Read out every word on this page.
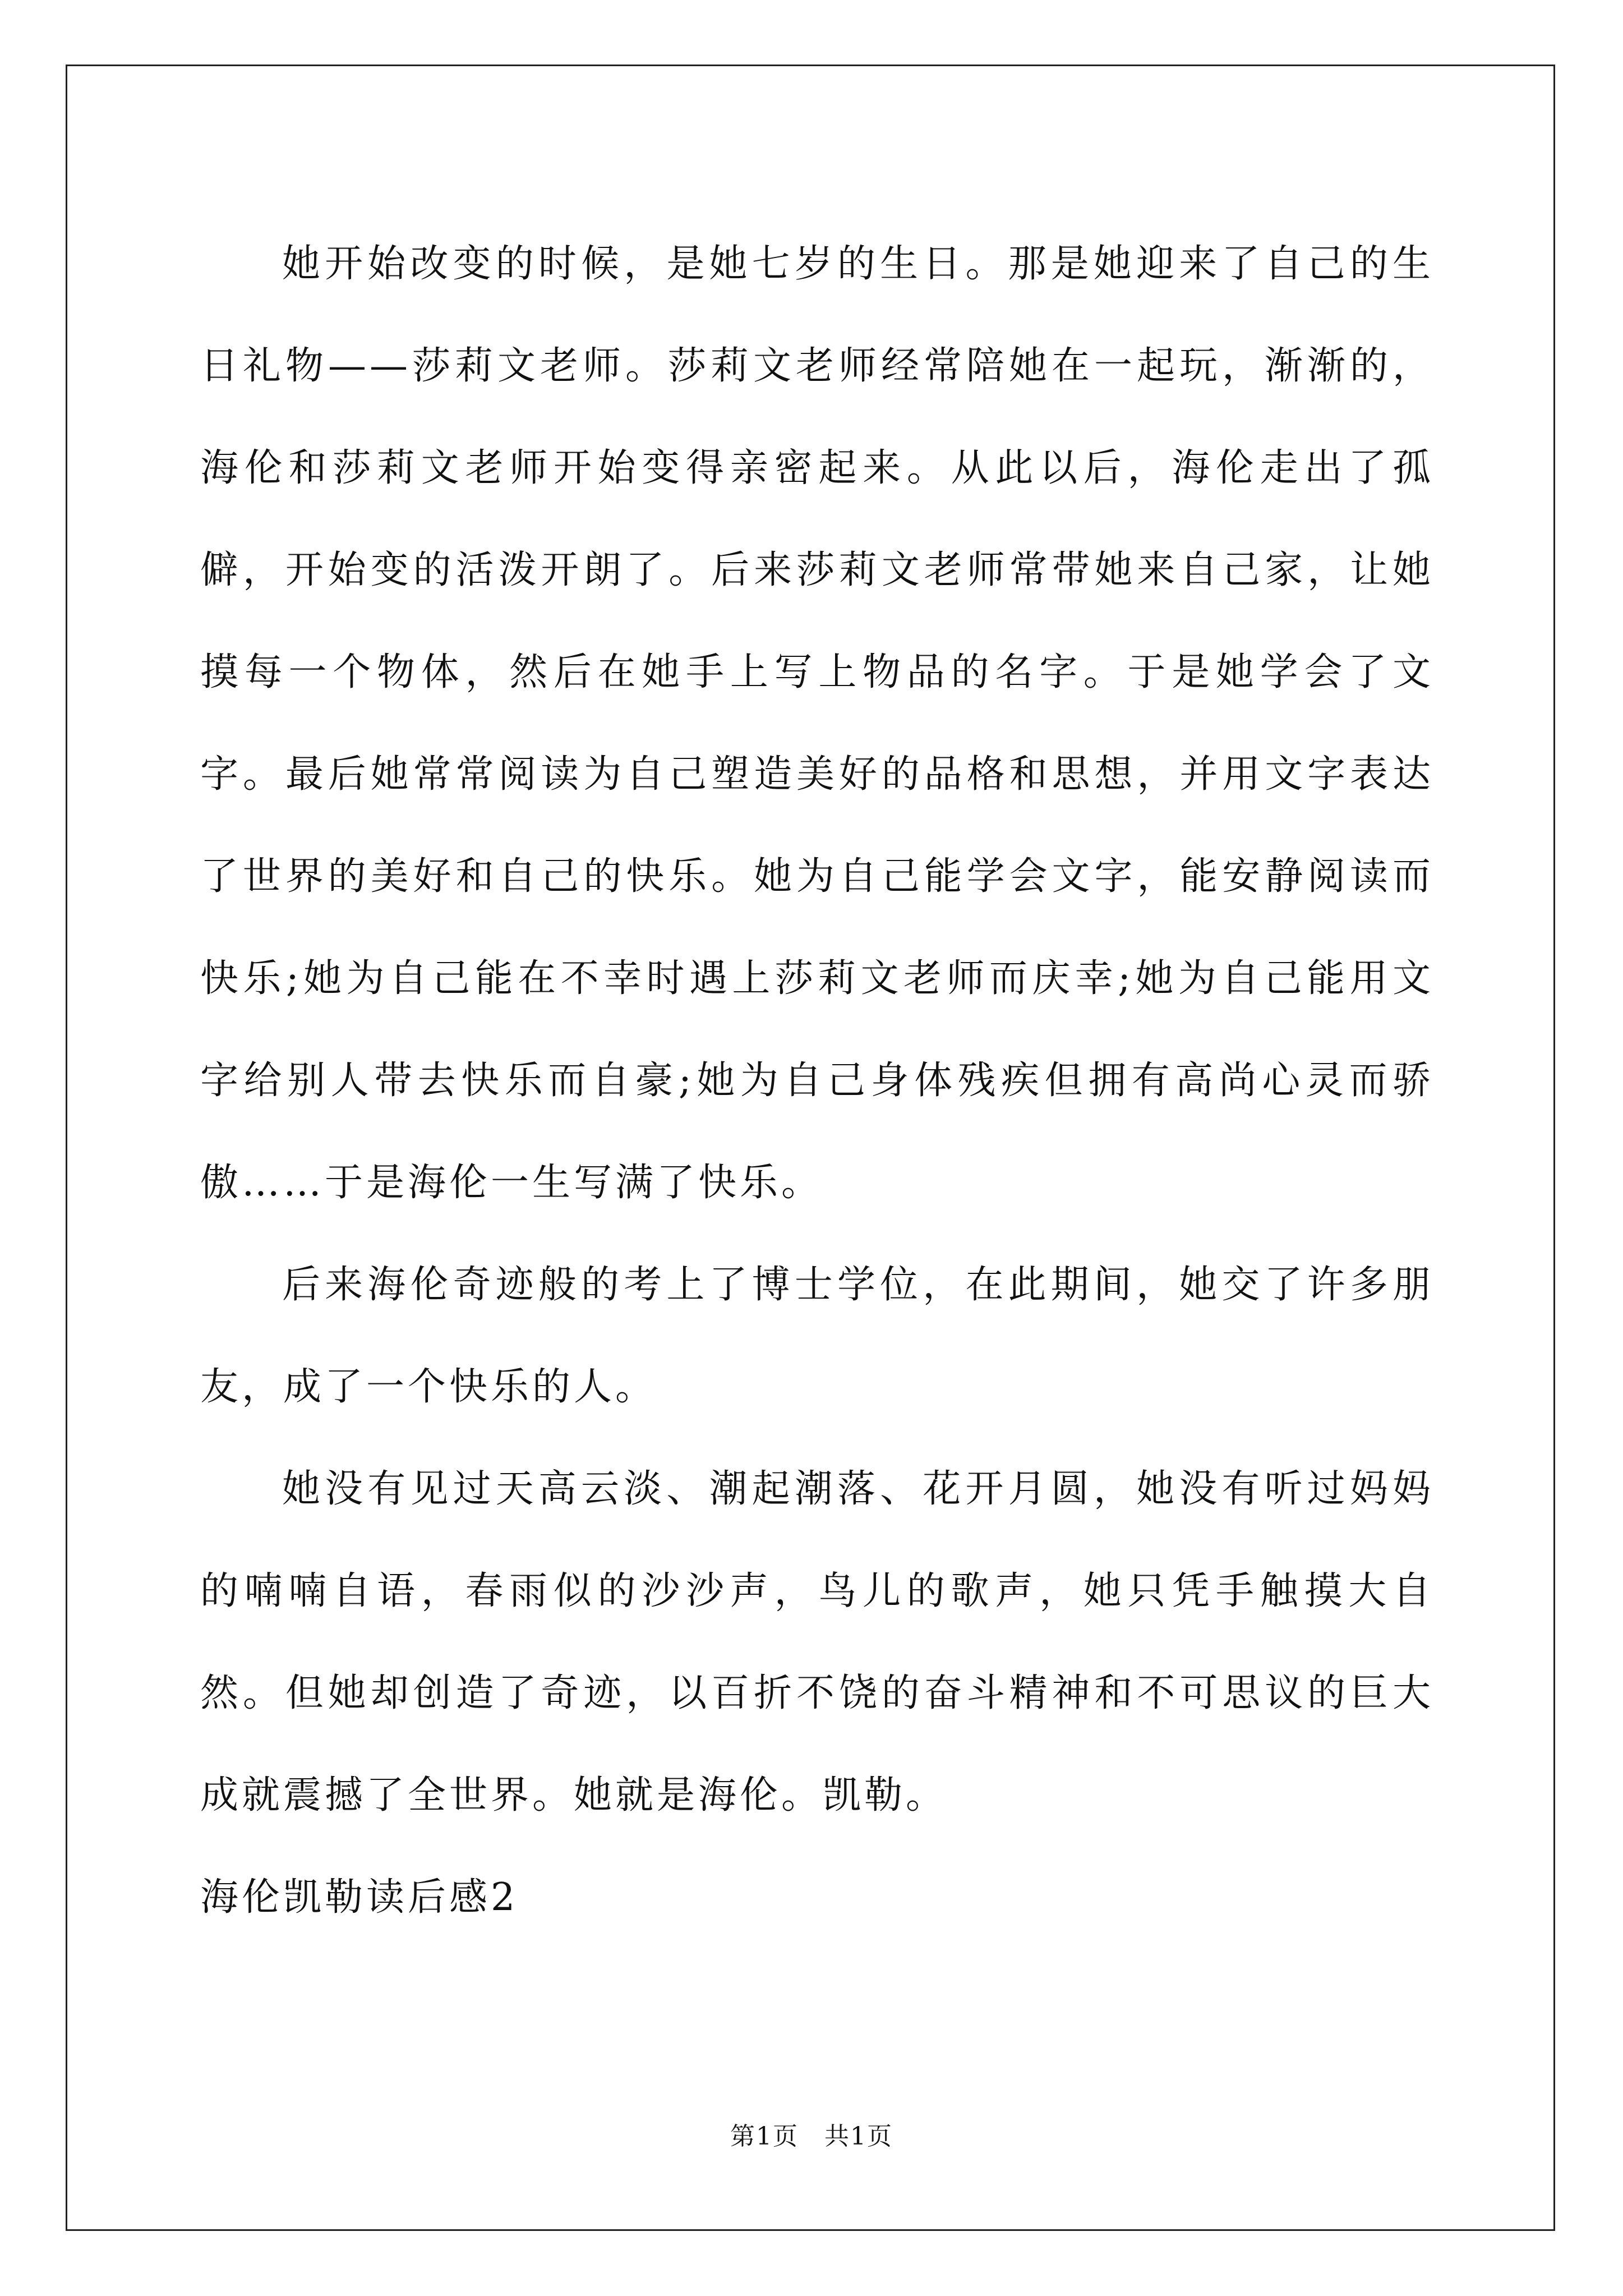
她开始改变的时候，是她七岁的生日。那是她迎来了自己的生日礼物——莎莉文老师。莎莉文老师经常陪她在一起玩，渐渐的，海伦和莎莉文老师开始变得亲密起来。从此以后，海伦走出了孤僻，开始变的活泼开朗了。后来莎莉文老师常带她来自己家，让她摸每一个物体，然后在她手上写上物品的名字。于是她学会了文字。最后她常常阅读为自己塑造美好的品格和思想，并用文字表达了世界的美好和自己的快乐。她为自己能学会文字，能安静阅读而快乐;她为自己能在不幸时遇上莎莉文老师而庆幸;她为自己能用文字给别人带去快乐而自豪;她为自己身体残疾但拥有高尚心灵而骄傲……于是海伦一生写满了快乐。

后来海伦奇迹般的考上了博士学位，在此期间，她交了许多朋友，成了一个快乐的人。

她没有见过天高云淡、潮起潮落、花开月圆，她没有听过妈妈的喃喃自语，春雨似的沙沙声，鸟儿的歌声，她只凭手触摸大自然。但她却创造了奇迹，以百折不饶的奋斗精神和不可思议的巨大成就震撼了全世界。她就是海伦。凯勒。

海伦凯勒读后感2

第1页　共1页
